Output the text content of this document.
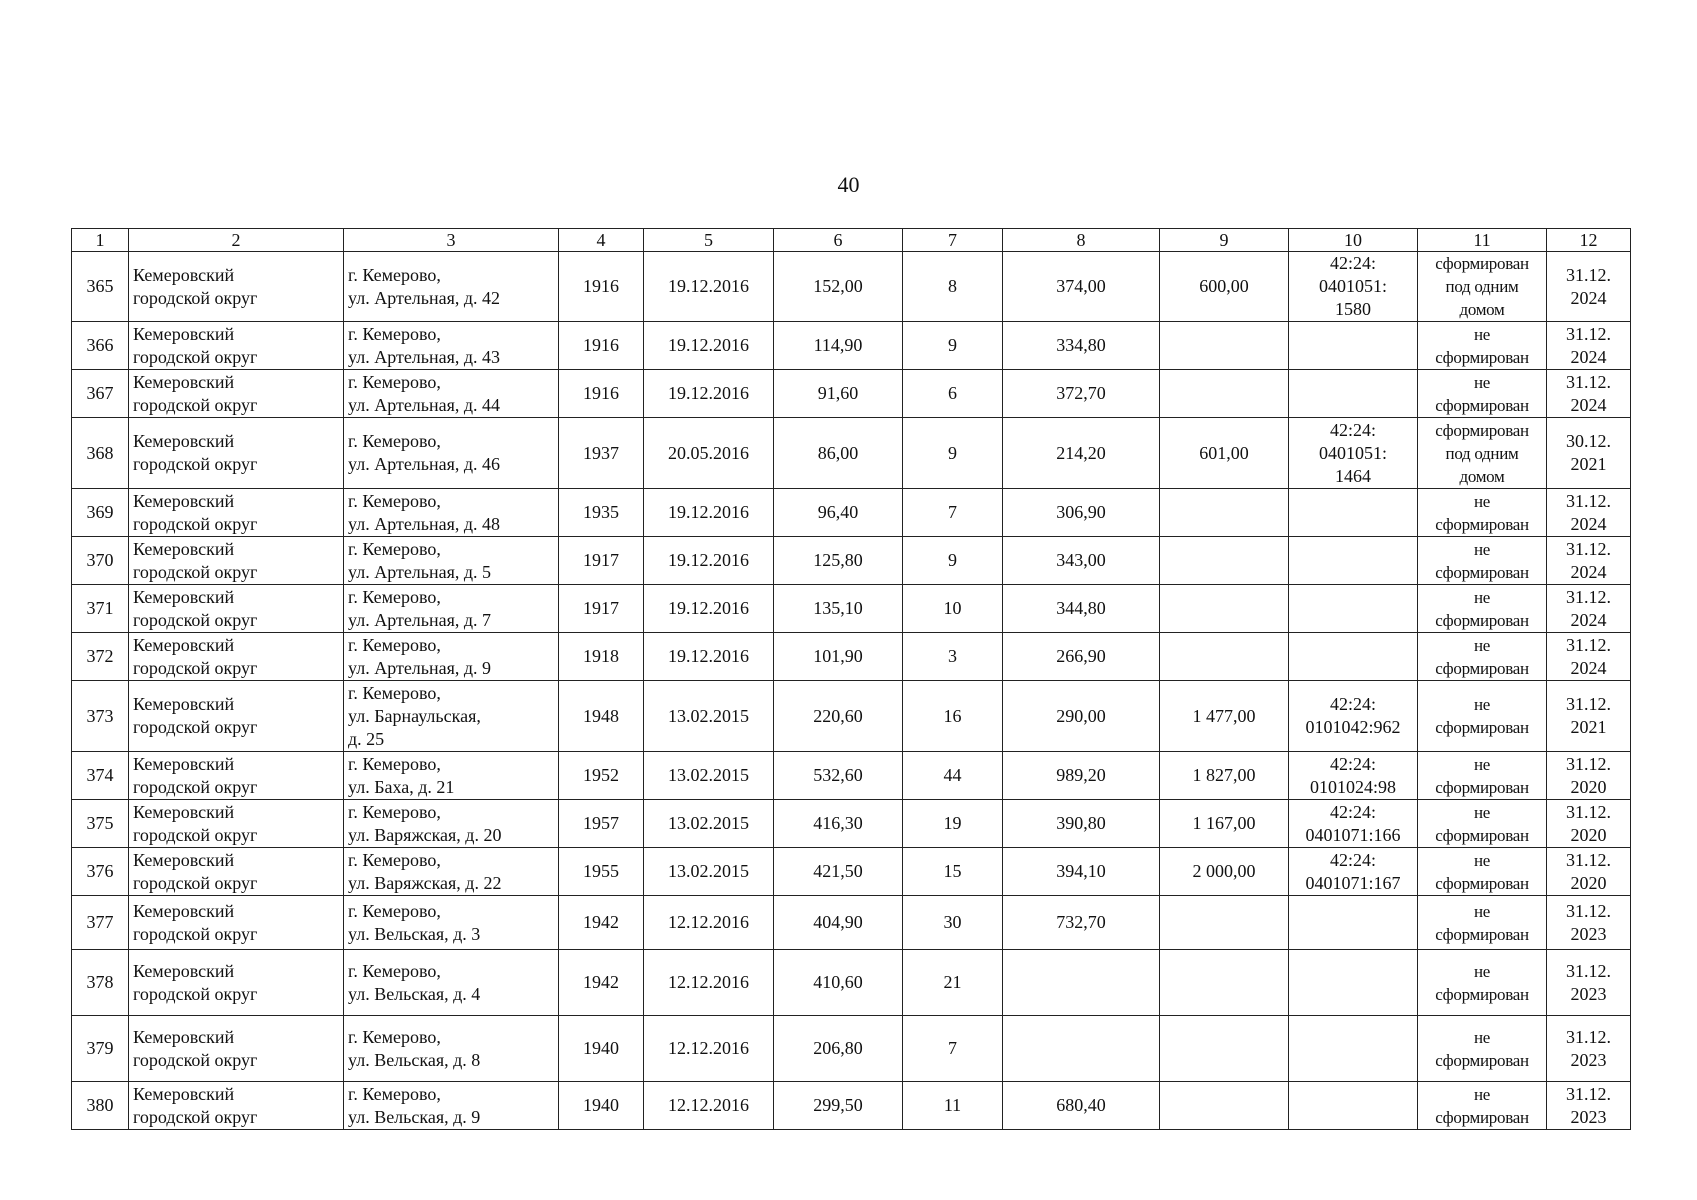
40
1	2	3	4	5	6	7	8	9	10	11	12
365	Кемеровский
городской округ	г. Кемерово,
ул. Артельная, д. 42	1916	19.12.2016	152,00	8	374,00	600,00	42:24:
0401051:
1580	сформирован
под одним
домом	31.12.
2024
366	Кемеровский
городской округ	г. Кемерово,
ул. Артельная, д. 43	1916	19.12.2016	114,90	9	334,80			не
сформирован	31.12.
2024
367	Кемеровский
городской округ	г. Кемерово,
ул. Артельная, д. 44	1916	19.12.2016	91,60	6	372,70			не
сформирован	31.12.
2024
368	Кемеровский
городской округ	г. Кемерово,
ул. Артельная, д. 46	1937	20.05.2016	86,00	9	214,20	601,00	42:24:
0401051:
1464	сформирован
под одним
домом	30.12.
2021
369	Кемеровский
городской округ	г. Кемерово,
ул. Артельная, д. 48	1935	19.12.2016	96,40	7	306,90			не
сформирован	31.12.
2024
370	Кемеровский
городской округ	г. Кемерово,
ул. Артельная, д. 5	1917	19.12.2016	125,80	9	343,00			не
сформирован	31.12.
2024
371	Кемеровский
городской округ	г. Кемерово,
ул. Артельная, д. 7	1917	19.12.2016	135,10	10	344,80			не
сформирован	31.12.
2024
372	Кемеровский
городской округ	г. Кемерово,
ул. Артельная, д. 9	1918	19.12.2016	101,90	3	266,90			не
сформирован	31.12.
2024
373	Кемеровский
городской округ	г. Кемерово,
ул. Барнаульская,
д. 25	1948	13.02.2015	220,60	16	290,00	1 477,00	42:24:
0101042:962	не
сформирован	31.12.
2021
374	Кемеровский
городской округ	г. Кемерово,
ул. Баха, д. 21	1952	13.02.2015	532,60	44	989,20	1 827,00	42:24:
0101024:98	не
сформирован	31.12.
2020
375	Кемеровский
городской округ	г. Кемерово,
ул. Варяжская, д. 20	1957	13.02.2015	416,30	19	390,80	1 167,00	42:24:
0401071:166	не
сформирован	31.12.
2020
376	Кемеровский
городской округ	г. Кемерово,
ул. Варяжская, д. 22	1955	13.02.2015	421,50	15	394,10	2 000,00	42:24:
0401071:167	не
сформирован	31.12.
2020
377	Кемеровский
городской округ	г. Кемерово,
ул. Вельская, д. 3	1942	12.12.2016	404,90	30	732,70			не
сформирован	31.12.
2023
378	Кемеровский
городской округ	г. Кемерово,
ул. Вельская, д. 4	1942	12.12.2016	410,60	21				не
сформирован	31.12.
2023
379	Кемеровский
городской округ	г. Кемерово,
ул. Вельская, д. 8	1940	12.12.2016	206,80	7				не
сформирован	31.12.
2023
380	Кемеровский
городской округ	г. Кемерово,
ул. Вельская, д. 9	1940	12.12.2016	299,50	11	680,40			не
сформирован	31.12.
2023
